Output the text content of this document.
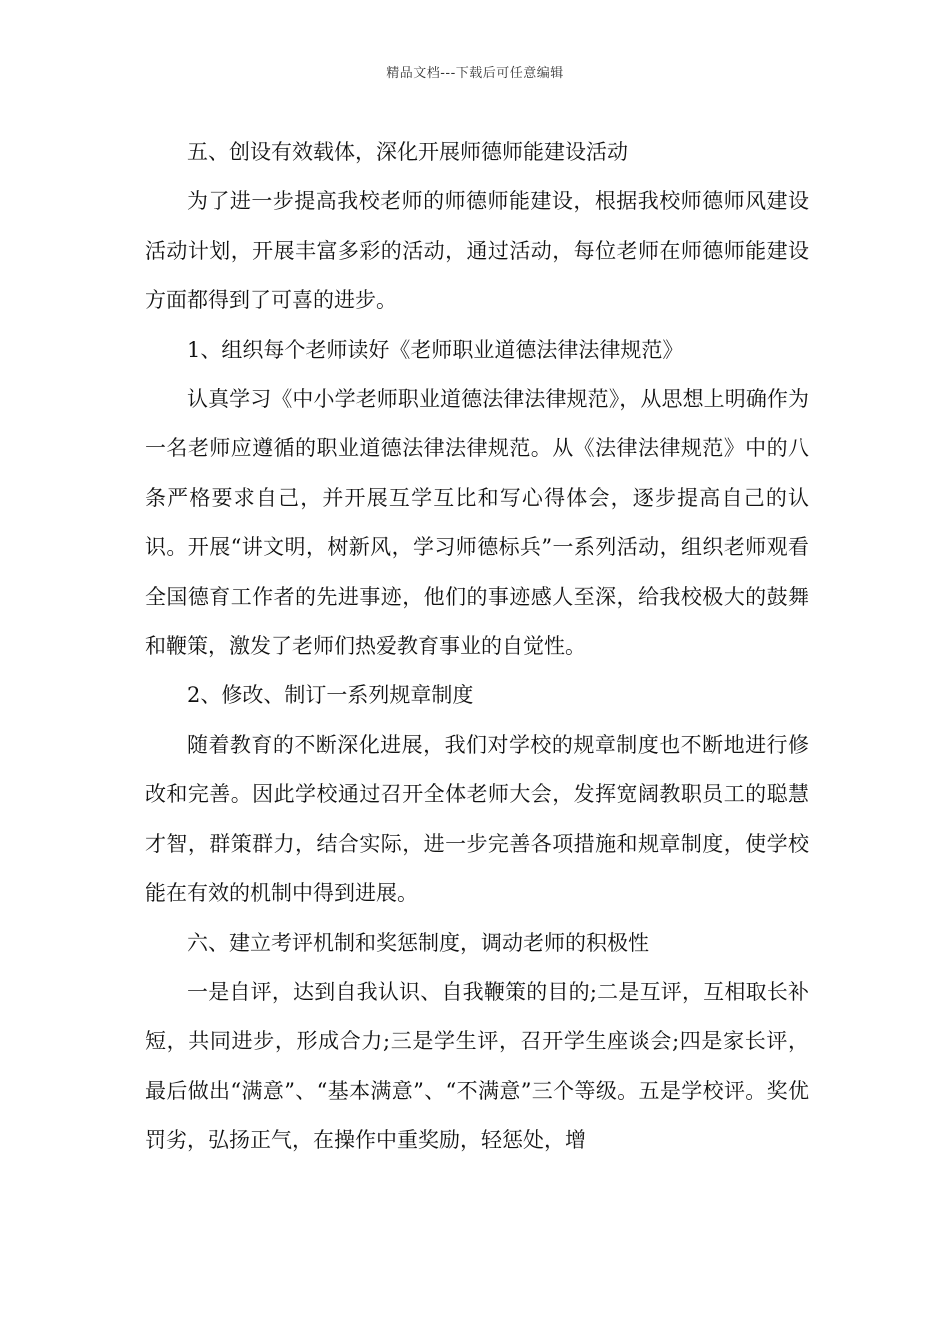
精品文档---下载后可任意编辑

五、创设有效载体，深化开展师德师能建设活动

为了进一步提高我校老师的师德师能建设，根据我校师德师风建设活动计划，开展丰富多彩的活动，通过活动，每位老师在师德师能建设方面都得到了可喜的进步。

1、组织每个老师读好《老师职业道德法律法律规范》

认真学习《中小学老师职业道德法律法律规范》，从思想上明确作为一名老师应遵循的职业道德法律法律规范。从《法律法律规范》中的八条严格要求自己，并开展互学互比和写心得体会，逐步提高自己的认识。开展“讲文明，树新风，学习师德标兵”一系列活动，组织老师观看全国德育工作者的先进事迹，他们的事迹感人至深，给我校极大的鼓舞和鞭策，激发了老师们热爱教育事业的自觉性。

2、修改、制订一系列规章制度

随着教育的不断深化进展，我们对学校的规章制度也不断地进行修改和完善。因此学校通过召开全体老师大会，发挥宽阔教职员工的聪慧才智，群策群力，结合实际，进一步完善各项措施和规章制度，使学校能在有效的机制中得到进展。

六、建立考评机制和奖惩制度，调动老师的积极性

一是自评，达到自我认识、自我鞭策的目的;二是互评，互相取长补短，共同进步，形成合力;三是学生评，召开学生座谈会;四是家长评，最后做出“满意”、“基本满意”、“不满意”三个等级。五是学校评。奖优罚劣，弘扬正气，在操作中重奖励，轻惩处，增
